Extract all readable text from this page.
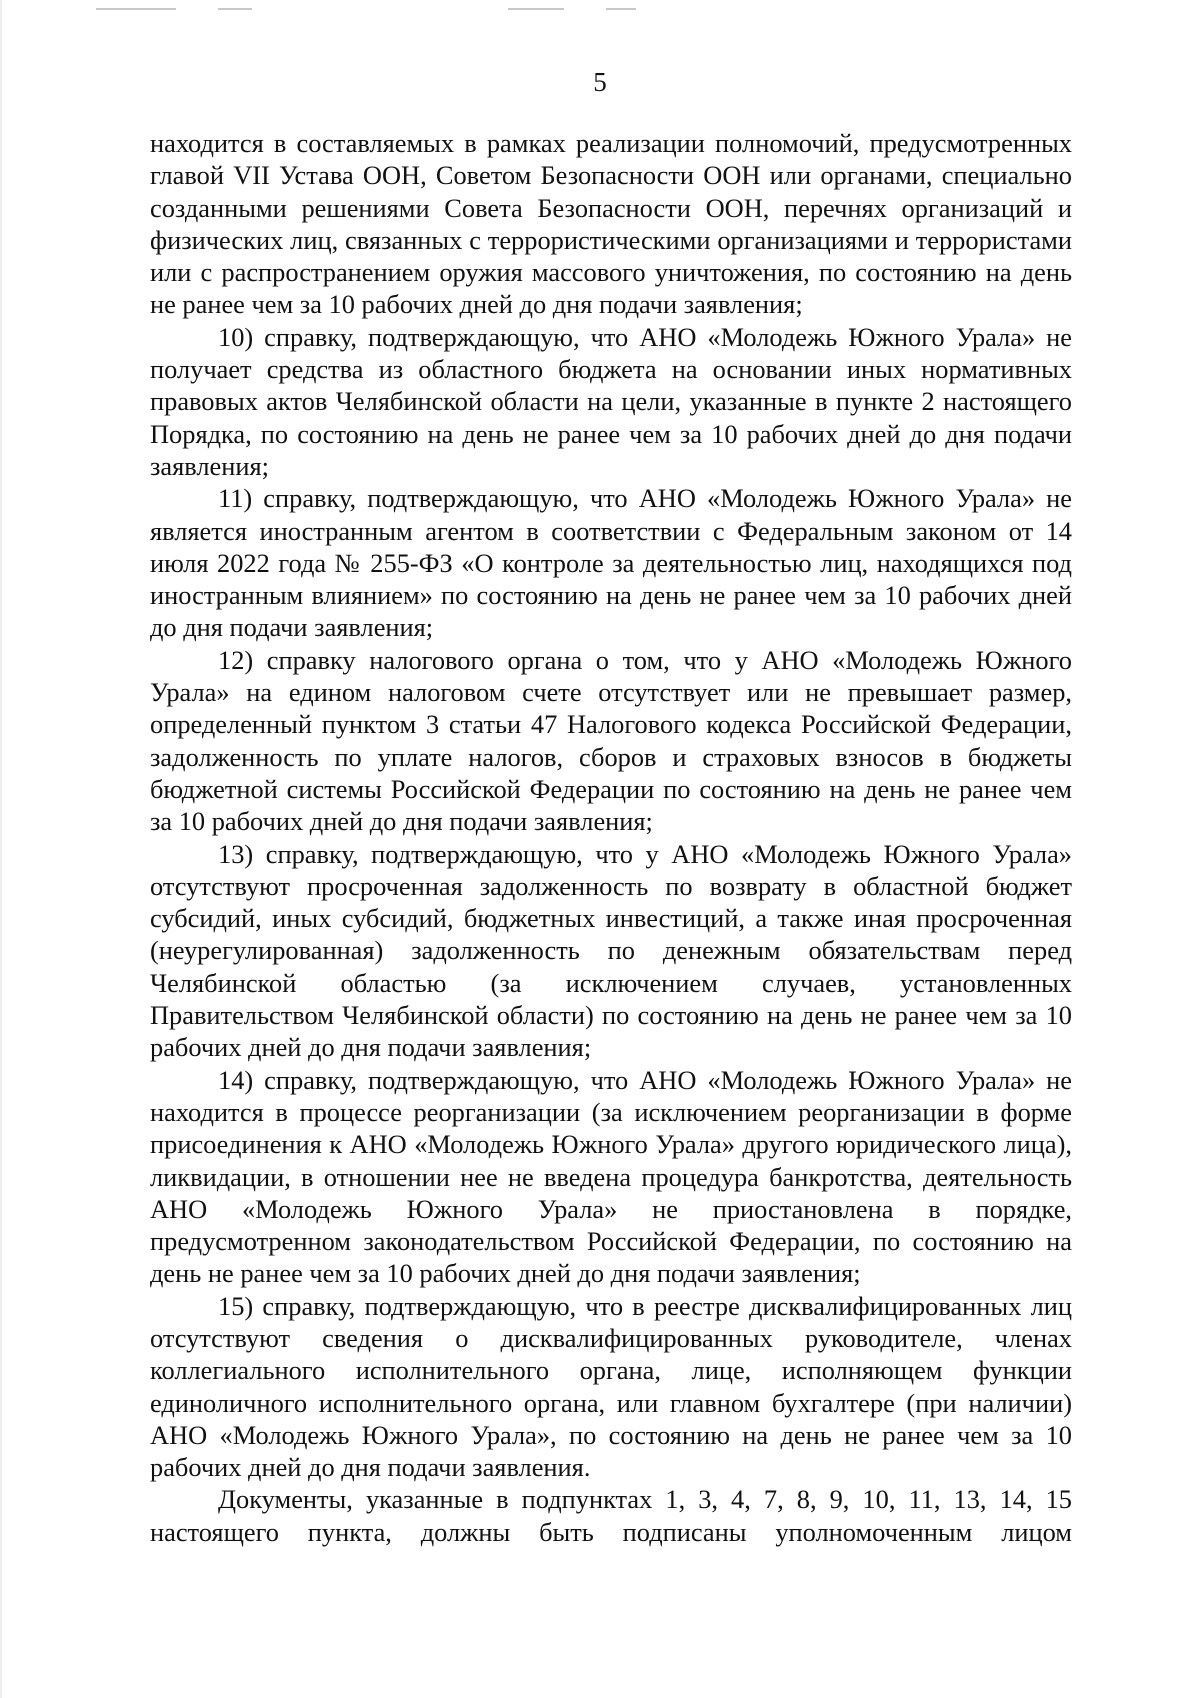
5

находится в составляемых в рамках реализации полномочий, предусмотренных главой VII Устава ООН, Советом Безопасности ООН или органами, специально созданными решениями Совета Безопасности ООН, перечнях организаций и физических лиц, связанных с террористическими организациями и террористами или с распространением оружия массового уничтожения, по состоянию на день не ранее чем за 10 рабочих дней до дня подачи заявления;

10) справку, подтверждающую, что АНО «Молодежь Южного Урала» не получает средства из областного бюджета на основании иных нормативных правовых актов Челябинской области на цели, указанные в пункте 2 настоящего Порядка, по состоянию на день не ранее чем за 10 рабочих дней до дня подачи заявления;

11) справку, подтверждающую, что АНО «Молодежь Южного Урала» не является иностранным агентом в соответствии с Федеральным законом от 14 июля 2022 года № 255-ФЗ «О контроле за деятельностью лиц, находящихся под иностранным влиянием» по состоянию на день не ранее чем за 10 рабочих дней до дня подачи заявления;

12) справку налогового органа о том, что у АНО «Молодежь Южного Урала» на едином налоговом счете отсутствует или не превышает размер, определенный пунктом 3 статьи 47 Налогового кодекса Российской Федерации, задолженность по уплате налогов, сборов и страховых взносов в бюджеты бюджетной системы Российской Федерации по состоянию на день не ранее чем за 10 рабочих дней до дня подачи заявления;

13) справку, подтверждающую, что у АНО «Молодежь Южного Урала» отсутствуют просроченная задолженность по возврату в областной бюджет субсидий, иных субсидий, бюджетных инвестиций, а также иная просроченная (неурегулированная) задолженность по денежным обязательствам перед Челябинской областью (за исключением случаев, установленных Правительством Челябинской области) по состоянию на день не ранее чем за 10 рабочих дней до дня подачи заявления;

14) справку, подтверждающую, что АНО «Молодежь Южного Урала» не находится в процессе реорганизации (за исключением реорганизации в форме присоединения к АНО «Молодежь Южного Урала» другого юридического лица), ликвидации, в отношении нее не введена процедура банкротства, деятельность АНО «Молодежь Южного Урала» не приостановлена в порядке, предусмотренном законодательством Российской Федерации, по состоянию на день не ранее чем за 10 рабочих дней до дня подачи заявления;

15) справку, подтверждающую, что в реестре дисквалифицированных лиц отсутствуют сведения о дисквалифицированных руководителе, членах коллегиального исполнительного органа, лице, исполняющем функции единоличного исполнительного органа, или главном бухгалтере (при наличии) АНО «Молодежь Южного Урала», по состоянию на день не ранее чем за 10 рабочих дней до дня подачи заявления.

Документы, указанные в подпунктах 1, 3, 4, 7, 8, 9, 10, 11, 13, 14, 15 настоящего пункта, должны быть подписаны уполномоченным лицом
